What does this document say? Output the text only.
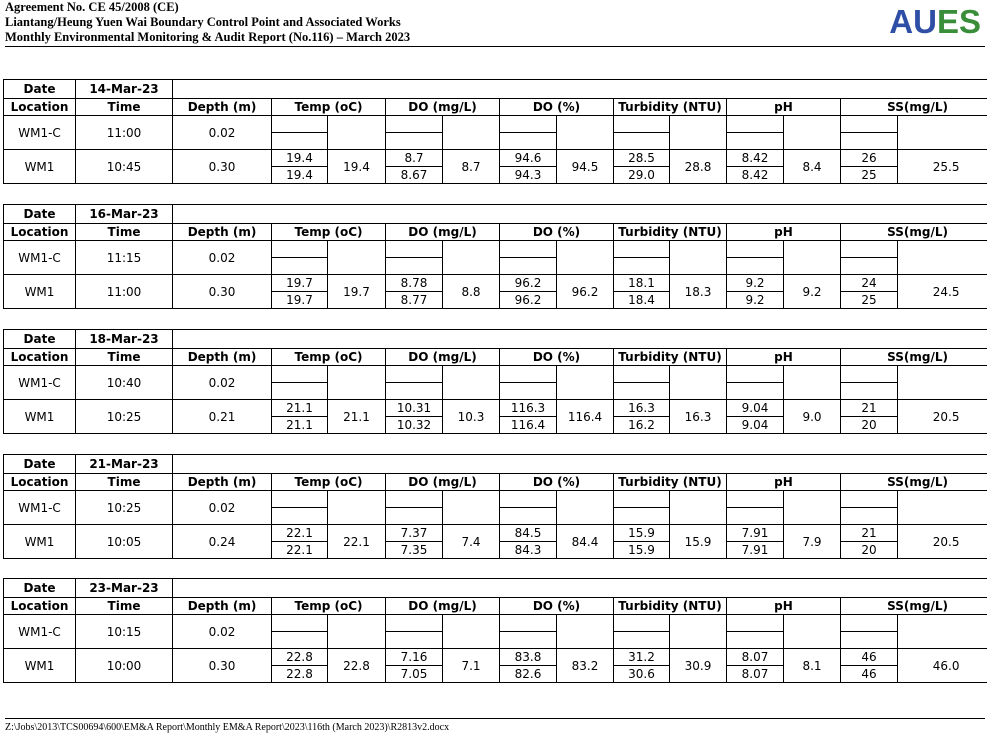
Agreement No. CE 45/2008 (CE)
Liantang/Heung Yuen Wai Boundary Control Point and Associated Works
Monthly Environmental Monitoring & Audit Report (No.116) – March 2023	AUES
Date	14-Mar-23													
Location	Time	Depth (m)	Temp (oC)		DO (mg/L)		DO (%)		Turbidity (NTU)		pH		SS(mg/L)	
WM1-C	11:00	0.02												

WM1	10:45	0.30	19.4	19.4	8.7	8.7	94.6	94.5	28.5	28.8	8.42	8.4	26	25.5
			19.4		8.67		94.3		29.0		8.42		25	
Date	16-Mar-23													
Location	Time	Depth (m)	Temp (oC)		DO (mg/L)		DO (%)		Turbidity (NTU)		pH		SS(mg/L)	
WM1-C	11:15	0.02												

WM1	11:00	0.30	19.7	19.7	8.78	8.8	96.2	96.2	18.1	18.3	9.2	9.2	24	24.5
			19.7		8.77		96.2		18.4		9.2		25	
Date	18-Mar-23													
Location	Time	Depth (m)	Temp (oC)		DO (mg/L)		DO (%)		Turbidity (NTU)		pH		SS(mg/L)	
WM1-C	10:40	0.02												

WM1	10:25	0.21	21.1	21.1	10.31	10.3	116.3	116.4	16.3	16.3	9.04	9.0	21	20.5
			21.1		10.32		116.4		16.2		9.04		20	
Date	21-Mar-23													
Location	Time	Depth (m)	Temp (oC)		DO (mg/L)		DO (%)		Turbidity (NTU)		pH		SS(mg/L)	
WM1-C	10:25	0.02												

WM1	10:05	0.24	22.1	22.1	7.37	7.4	84.5	84.4	15.9	15.9	7.91	7.9	21	20.5
			22.1		7.35		84.3		15.9		7.91		20	
Date	23-Mar-23													
Location	Time	Depth (m)	Temp (oC)		DO (mg/L)		DO (%)		Turbidity (NTU)		pH		SS(mg/L)	
WM1-C	10:15	0.02												

WM1	10:00	0.30	22.8	22.8	7.16	7.1	83.8	83.2	31.2	30.9	8.07	8.1	46	46.0
			22.8		7.05		82.6		30.6		8.07		46	
Z:\Jobs\2013\TCS00694\600\EM&A Report\Monthly EM&A Report\2023\116th (March 2023)\R2813v2.docx
